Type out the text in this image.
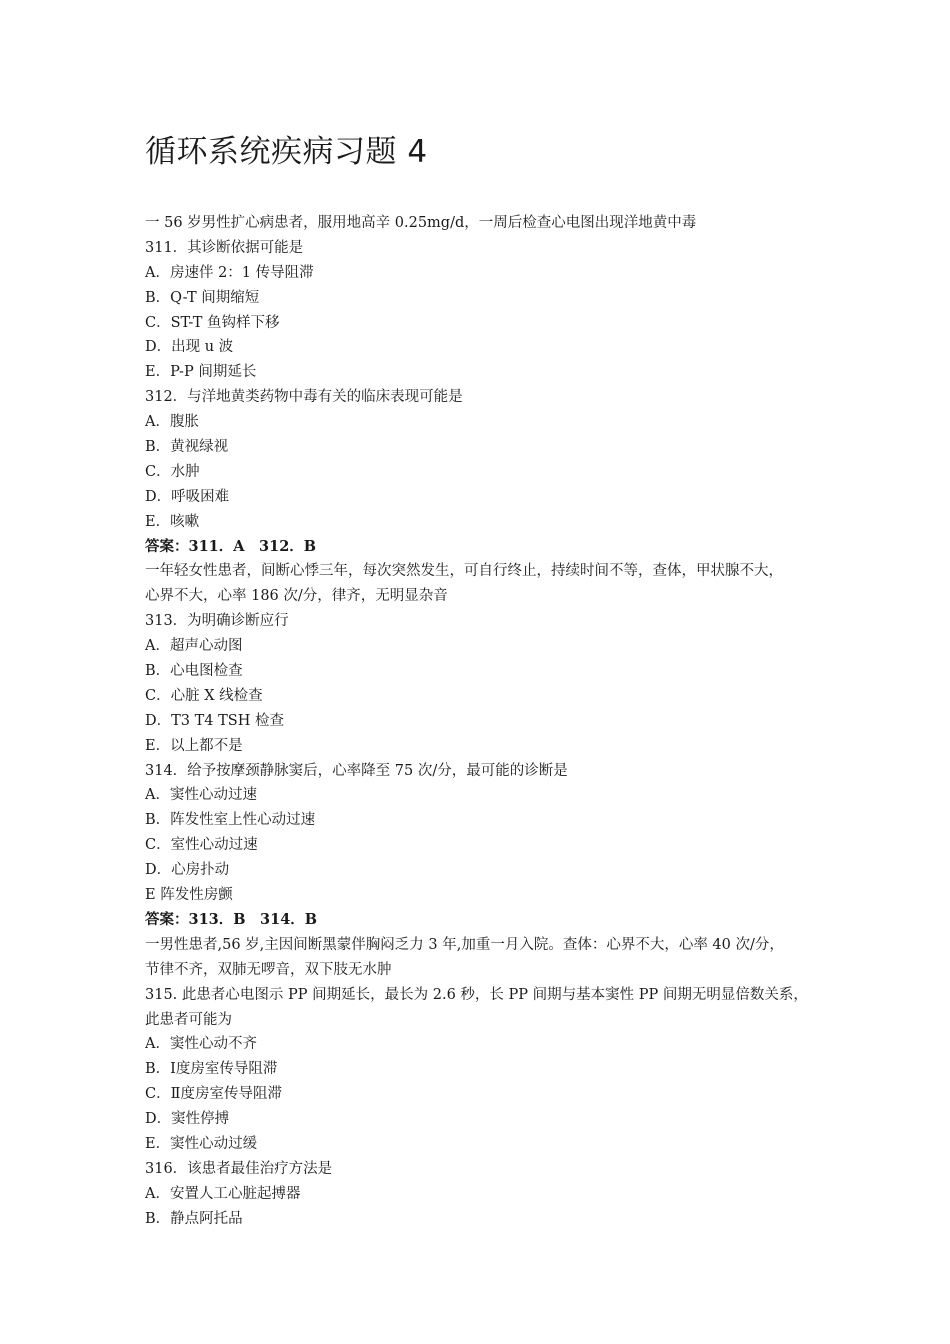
循环系统疾病习题 4
一 56 岁男性扩心病患者，服用地高辛 0.25mg/d，一周后检查心电图出现洋地黄中毒
311．其诊断依据可能是
A．房速伴 2：1 传导阻滞
B．Q-T 间期缩短
C．ST-T 鱼钩样下移
D．出现 u 波
E．P-P 间期延长
312．与洋地黄类药物中毒有关的临床表现可能是
A．腹胀
B．黄视绿视
C．水肿
D．呼吸困难
E．咳嗽
答案：311．A　312．B
一年轻女性患者，间断心悸三年，每次突然发生，可自行终止，持续时间不等，查体，甲状腺不大，
心界不大，心率 186 次/分，律齐，无明显杂音
313．为明确诊断应行
A．超声心动图
B．心电图检查
C．心脏 X 线检查
D．T3 T4 TSH 检查
E．以上都不是
314．给予按摩颈静脉窦后，心率降至 75 次/分，最可能的诊断是
A．窦性心动过速
B．阵发性室上性心动过速
C．室性心动过速
D．心房扑动
E 阵发性房颤
答案：313．B　314．B
一男性患者,56 岁,主因间断黑蒙伴胸闷乏力 3 年,加重一月入院。查体：心界不大，心率 40 次/分，
节律不齐，双肺无啰音，双下肢无水肿
315. 此患者心电图示 PP 间期延长，最长为 2.6 秒，长 PP 间期与基本窦性 PP 间期无明显倍数关系，
此患者可能为
A．窦性心动不齐
B．Ⅰ度房室传导阻滞
C．Ⅱ度房室传导阻滞
D．窦性停搏
E．窦性心动过缓
316．该患者最佳治疗方法是
A．安置人工心脏起搏器
B．静点阿托品
